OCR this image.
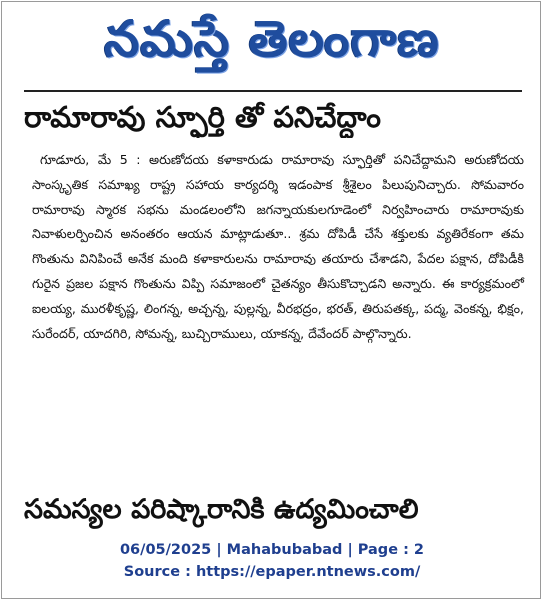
నమస్తే తెలంగాణ
రామారావు స్ఫూర్తి తో పనిచేద్దాం
గూడూరు, మే 5 : అరుణోదయ కళాకారుడు రామారావు స్ఫూర్తితో పనిచేద్దామని అరుణోదయ సాంస్కృతిక సమాఖ్య రాష్ట్ర సహాయ కార్యదర్శి ఇడంపాక శ్రీశైలం పిలుపునిచ్చారు. సోమవారం రామారావు స్మారక సభను మండలంలోని జగన్నాయకులగూడెంలో నిర్వహించారు రామారావుకు నివాళులర్పించిన అనంతరం ఆయన మాట్లాడుతూ.. శ్రమ దోపిడీ చేసే శక్తులకు వ్యతిరేకంగా తమ గొంతును వినిపించే అనేక మంది కళాకారులను రామారావు తయారు చేశాడని, పేదల పక్షాన, దోపిడీకి గురైన ప్రజల పక్షాన గొంతును విప్పి సమాజంలో చైతన్యం తీసుకొచ్చాడని అన్నారు. ఈ కార్యక్రమంలో ఐలయ్య, మురళీకృష్ణ, లింగన్న, అచ్చన్న, పుల్లన్న, వీరభద్రం, భరత్, తిరుపతక్క, పద్మ, వెంకన్న, భిక్షం, సురేందర్, యాదగిరి, సోమన్న, బుచ్చిరాములు, యాకన్న, దేవేందర్ పాల్గొన్నారు.
సమస్యల పరిష్కారానికి ఉద్యమించాలి
06/05/2025 | Mahabubabad | Page : 2
Source : https://epaper.ntnews.com/
